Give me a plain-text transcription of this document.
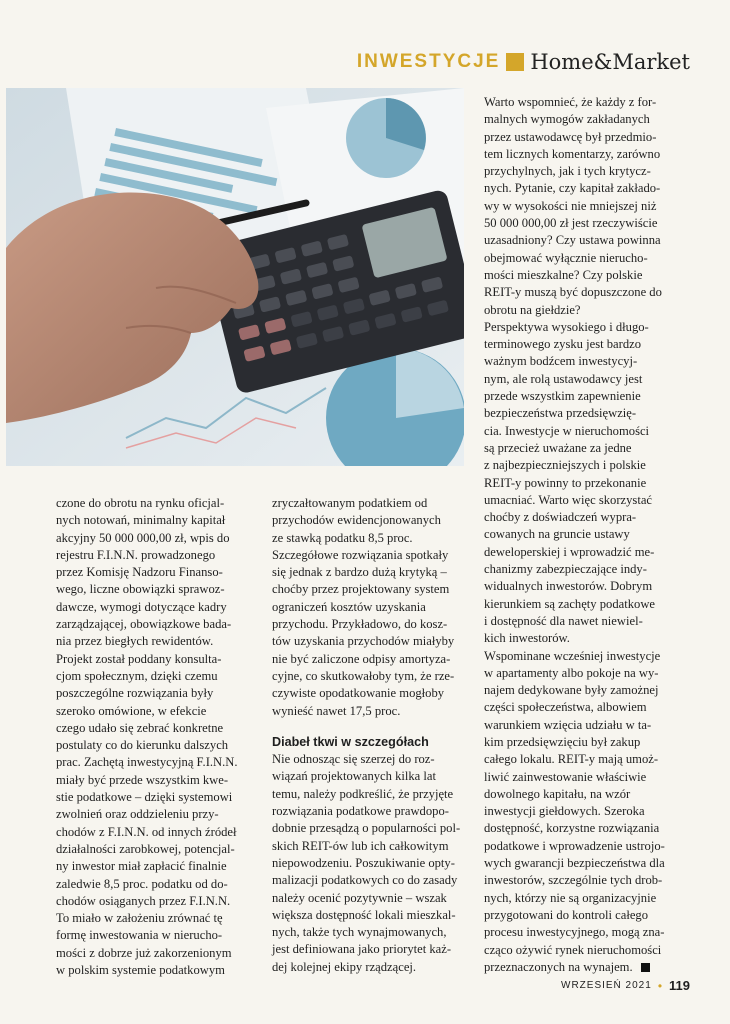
INWESTYCJE Home&Market
Warto wspomnieć, że każdy z for-
malnych wymogów zakładanych
przez ustawodawcę był przedmio-
tem licznych komentarzy, zarówno
przychylnych, jak i tych krytycz-
nych. Pytanie, czy kapitał zakłado-
wy w wysokości nie mniejszej niż
50 000 000,00 zł jest rzeczywiście
uzasadniony? Czy ustawa powinna
obejmować wyłącznie nierucho-
mości mieszkalne? Czy polskie
REIT-y muszą być dopuszczone do
obrotu na giełdzie?
Perspektywa wysokiego i długo-
terminowego zysku jest bardzo
ważnym bodźcem inwestycyj-
nym, ale rolą ustawodawcy jest
przede wszystkim zapewnienie
bezpieczeństwa przedsięwzię-
cia. Inwestycje w nieruchomości
są przecież uważane za jedne
z najbezpieczniejszych i polskie
REIT-y powinny to przekonanie
umacniać. Warto więc skorzystać
choćby z doświadczeń wypra-
cowanych na gruncie ustawy
deweloperskiej i wprowadzić me-
chanizmy zabezpieczające indy-
widualnych inwestorów. Dobrym
kierunkiem są zachęty podatkowe
i dostępność dla nawet niewiel-
kich inwestorów.
Wspominane wcześniej inwestycje
w apartamenty albo pokoje na wy-
najem dedykowane były zamożnej
części społeczeństwa, albowiem
warunkiem wzięcia udziału w ta-
kim przedsięwzięciu był zakup
całego lokalu. REIT-y mają umoż-
liwić zainwestowanie właściwie
dowolnego kapitału, na wzór
inwestycji giełdowych. Szeroka
dostępność, korzystne rozwiązania
podatkowe i wprowadzenie ustrojo-
wych gwarancji bezpieczeństwa dla
inwestorów, szczególnie tych drob-
nych, którzy nie są organizacyjnie
przygotowani do kontroli całego
procesu inwestycyjnego, mogą zna-
cząco ożywić rynek nieruchomości
przeznaczonych na wynajem.
czone do obrotu na rynku oficjal-
nych notowań, minimalny kapitał
akcyjny 50 000 000,00 zł, wpis do
rejestru F.I.N.N. prowadzonego
przez Komisję Nadzoru Finanso-
wego, liczne obowiązki sprawoz-
dawcze, wymogi dotyczące kadry
zarządzającej, obowiązkowe bada-
nia przez biegłych rewidentów.
Projekt został poddany konsulta-
cjom społecznym, dzięki czemu
poszczególne rozwiązania były
szeroko omówione, w efekcie
czego udało się zebrać konkretne
postulaty co do kierunku dalszych
prac. Zachętą inwestycyjną F.I.N.N.
miały być przede wszystkim kwe-
stie podatkowe – dzięki systemowi
zwolnień oraz oddzieleniu przy-
chodów z F.I.N.N. od innych źródeł
działalności zarobkowej, potencjal-
ny inwestor miał zapłacić finalnie
zaledwie 8,5 proc. podatku od do-
chodów osiąganych przez F.I.N.N.
To miało w założeniu zrównać tę
formę inwestowania w nierucho-
mości z dobrze już zakorzenionym
w polskim systemie podatkowym
zryczałtowanym podatkiem od
przychodów ewidencjonowanych
ze stawką podatku 8,5 proc.
Szczegółowe rozwiązania spotkały
się jednak z bardzo dużą krytyką –
choćby przez projektowany system
ograniczeń kosztów uzyskania
przychodu. Przykładowo, do kosz-
tów uzyskania przychodów miałyby
nie być zaliczone odpisy amortyza-
cyjne, co skutkowałoby tym, że rze-
czywiste opodatkowanie mogłoby
wynieść nawet 17,5 proc.
Diabeł tkwi w szczegółach
Nie odnosząc się szerzej do roz-
wiązań projektowanych kilka lat
temu, należy podkreślić, że przyjęte
rozwiązania podatkowe prawdopo-
dobnie przesądzą o popularności pol-
skich REIT-ów lub ich całkowitym
niepowodzeniu. Poszukiwanie opty-
malizacji podatkowych co do zasady
należy ocenić pozytywnie – wszak
większa dostępność lokali mieszkal-
nych, także tych wynajmowanych,
jest definiowana jako priorytet każ-
dej kolejnej ekipy rządzącej.
WRZESIEŃ 2021 • 119
